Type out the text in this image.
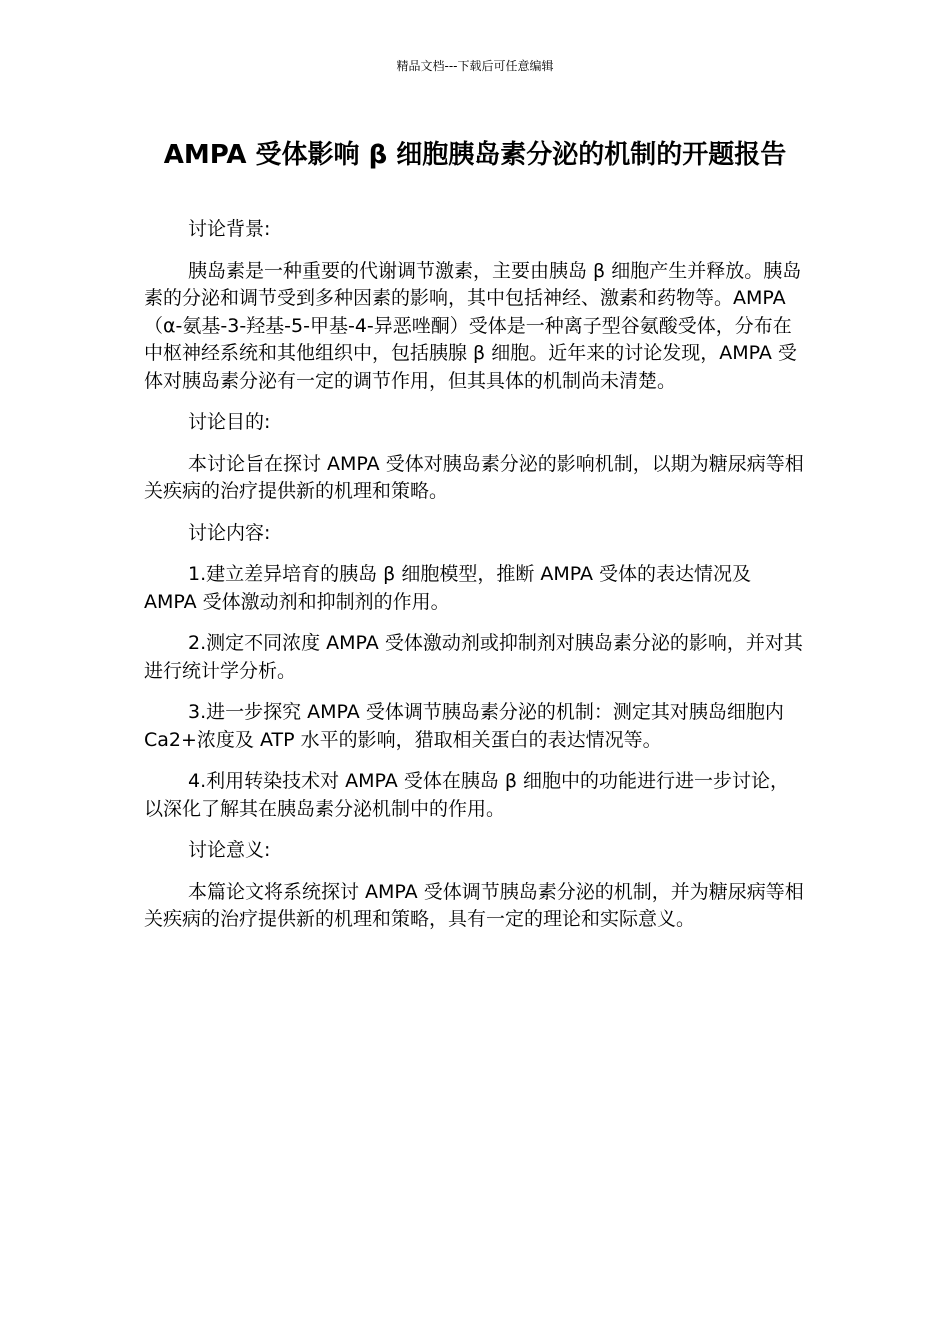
精品文档---下载后可任意编辑
AMPA 受体影响 β 细胞胰岛素分泌的机制的开题报告

讨论背景:

胰岛素是一种重要的代谢调节激素，主要由胰岛 β 细胞产生并释放。胰岛素的分泌和调节受到多种因素的影响，其中包括神经、激素和药物等。AMPA（α-氨基-3-羟基-5-甲基-4-异恶唑酮）受体是一种离子型谷氨酸受体，分布在中枢神经系统和其他组织中，包括胰腺 β 细胞。近年来的讨论发现，AMPA 受体对胰岛素分泌有一定的调节作用，但其具体的机制尚未清楚。

讨论目的:

本讨论旨在探讨 AMPA 受体对胰岛素分泌的影响机制，以期为糖尿病等相关疾病的治疗提供新的机理和策略。

讨论内容:

1.建立差异培育的胰岛 β 细胞模型，推断 AMPA 受体的表达情况及 AMPA 受体激动剂和抑制剂的作用。

2.测定不同浓度 AMPA 受体激动剂或抑制剂对胰岛素分泌的影响，并对其进行统计学分析。

3.进一步探究 AMPA 受体调节胰岛素分泌的机制：测定其对胰岛细胞内 Ca2+浓度及 ATP 水平的影响，猎取相关蛋白的表达情况等。

4.利用转染技术对 AMPA 受体在胰岛 β 细胞中的功能进行进一步讨论，以深化了解其在胰岛素分泌机制中的作用。

讨论意义:

本篇论文将系统探讨 AMPA 受体调节胰岛素分泌的机制，并为糖尿病等相关疾病的治疗提供新的机理和策略，具有一定的理论和实际意义。
